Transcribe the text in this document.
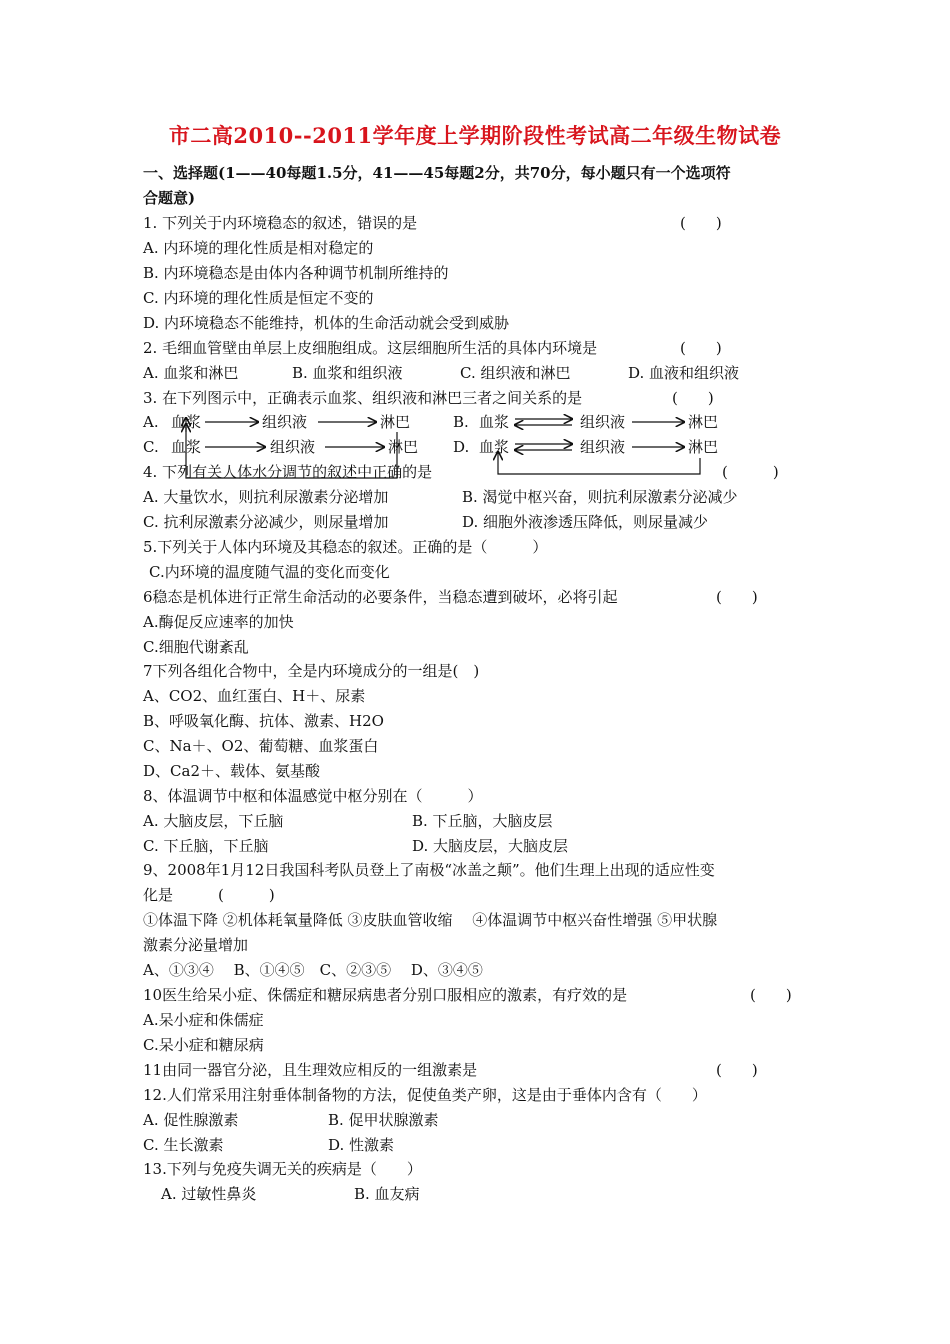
市二高2010--2011学年度上学期阶段性考试高二年级生物试卷
一、选择题(1——40每题1.5分，41——45每题2分，共70分，每小题只有一个选项符
合题意)
1. 下列关于内环境稳态的叙述，错误的是	(　　)
A. 内环境的理化性质是相对稳定的
B. 内环境稳态是由体内各种调节机制所维持的
C. 内环境的理化性质是恒定不变的
D. 内环境稳态不能维持，机体的生命活动就会受到威胁
2. 毛细血管壁由单层上皮细胞组成。这层细胞所生活的具体内环境是	(　　)
A. 血浆和淋巴	B. 血浆和组织液	C. 组织液和淋巴	D. 血液和组织液
3. 在下列图示中，正确表示血浆、组织液和淋巴三者之间关系的是	(　　)
A. 血浆	组织液	淋巴	B. 血浆	组织液	淋巴
C. 血浆	组织液	淋巴 D. 血浆	组织液	淋巴
4. 下列有关人体水分调节的叙述中正确的是	(　　　)
A. 大量饮水，则抗利尿激素分泌增加	B. 渴觉中枢兴奋，则抗利尿激素分泌减少
C. 抗利尿激素分泌减少，则尿量增加	D. 细胞外液渗透压降低，则尿量减少
5.下列关于人体内环境及其稳态的叙述。正确的是（　　　）
C.内环境的温度随气温的变化而变化
6稳态是机体进行正常生命活动的必要条件，当稳态遭到破坏，必将引起	(　　)
A.酶促反应速率的加快
C.细胞代谢紊乱
7下列各组化合物中，全是内环境成分的一组是(　)
A、CO2、血红蛋白、H＋、尿素
B、呼吸氧化酶、抗体、激素、H2O
C、Na＋、O2、葡萄糖、血浆蛋白
D、Ca2＋、载体、氨基酸
8、体温调节中枢和体温感觉中枢分别在（　　　）
A. 大脑皮层，下丘脑	B. 下丘脑，大脑皮层
C. 下丘脑，下丘脑	D. 大脑皮层，大脑皮层
9、2008年1月12日我国科考队员登上了南极“冰盖之颠”。他们生理上出现的适应性变
化是　　　(　　　)
①体温下降 ②机体耗氧量降低 ③皮肤血管收缩　 ④体温调节中枢兴奋性增强 ⑤甲状腺
激素分泌量增加
A、①③④　 B、①④⑤　C、②③⑤　 D、③④⑤
10医生给呆小症、侏儒症和糖尿病患者分别口服相应的激素，有疗效的是	(　　)
A.呆小症和侏儒症
C.呆小症和糖尿病
11由同一器官分泌，且生理效应相反的一组激素是	(　　)
12.人们常采用注射垂体制备物的方法，促使鱼类产卵，这是由于垂体内含有（　　）
A. 促性腺激素	B. 促甲状腺激素
C. 生长激素	D. 性激素
13.下列与免疫失调无关的疾病是（　　）
A. 过敏性鼻炎	B. 血友病
